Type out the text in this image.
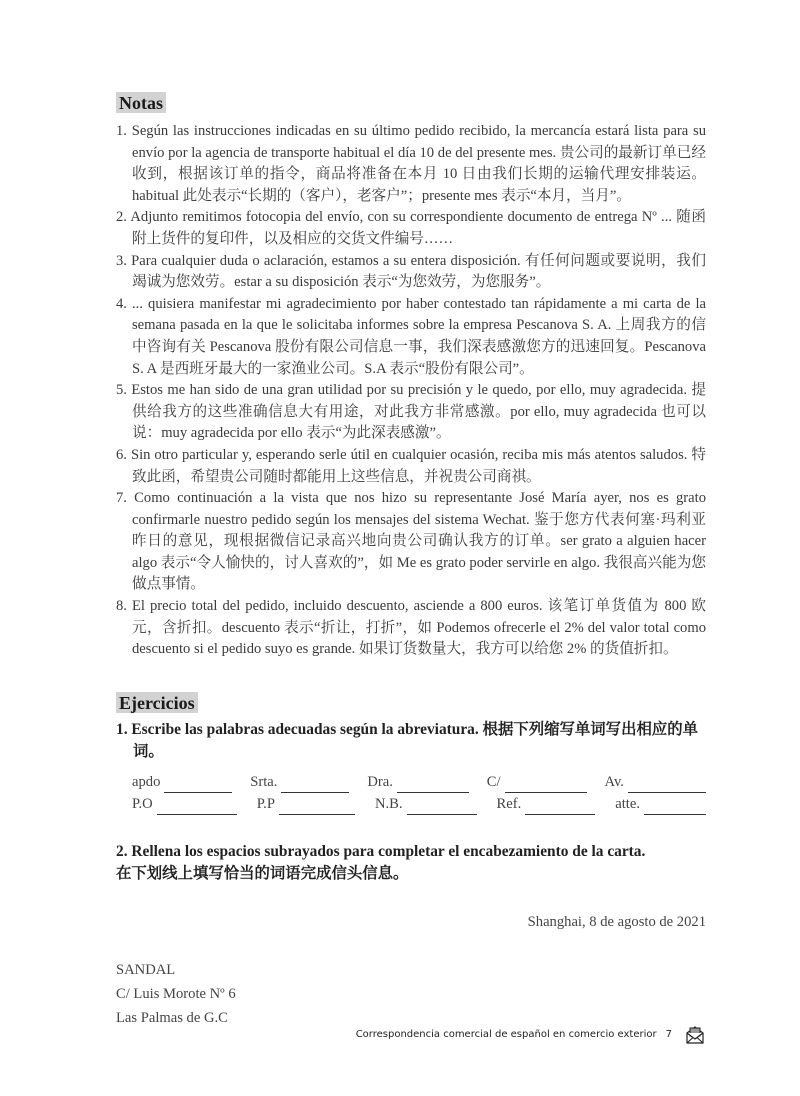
Notas
1. Según las instrucciones indicadas en su último pedido recibido, la mercancía estará lista para su envío por la agencia de transporte habitual el día 10 de del presente mes. 贵公司的最新订单已经收到，根据该订单的指令，商品将准备在本月 10 日由我们长期的运输代理安排装运。habitual 此处表示“长期的（客户），老客户”；presente mes 表示“本月，当月”。
2. Adjunto remitimos fotocopia del envío, con su correspondiente documento de entrega Nº ... 随函附上货件的复印件，以及相应的交货文件编号……
3. Para cualquier duda o aclaración, estamos a su entera disposición. 有任何问题或要说明，我们竭诚为您效劳。estar a su disposición 表示“为您效劳，为您服务”。
4. ... quisiera manifestar mi agradecimiento por haber contestado tan rápidamente a mi carta de la semana pasada en la que le solicitaba informes sobre la empresa Pescanova S. A. 上周我方的信中咨询有关 Pescanova 股份有限公司信息一事，我们深表感激您方的迅速回复。Pescanova S. A 是西班牙最大的一家渔业公司。S.A 表示“股份有限公司”。
5. Estos me han sido de una gran utilidad por su precisión y le quedo, por ello, muy agradecida. 提供给我方的这些准确信息大有用途，对此我方非常感激。por ello, muy agradecida 也可以说：muy agradecida por ello 表示“为此深表感激”。
6. Sin otro particular y, esperando serle útil en cualquier ocasión, reciba mis más atentos saludos. 特致此函，希望贵公司随时都能用上这些信息，并祝贵公司商祺。
7. Como continuación a la vista que nos hizo su representante José María ayer, nos es grato confirmarle nuestro pedido según los mensajes del sistema Wechat. 鉴于您方代表何塞·玛利亚昨日的意见，现根据微信记录高兴地向贵公司确认我方的订单。ser grato a alguien hacer algo 表示“令人愉快的，讨人喜欢的”，如 Me es grato poder servirle en algo. 我很高兴能为您做点事情。
8. El precio total del pedido, incluido descuento, asciende a 800 euros. 该笔订单货值为 800 欧元，含折扣。descuento 表示“折让，打折”，如 Podemos ofrecerle el 2% del valor total como descuento si el pedido suyo es grande. 如果订货数量大，我方可以给您 2% 的货值折扣。
Ejercicios
1. Escribe las palabras adecuadas según la abreviatura. 根据下列缩写单词写出相应的单词。
apdo	Srta.	Dra.	C/	Av.
P.O	P.P	N.B.	Ref.	atte.
2. Rellena los espacios subrayados para completar el encabezamiento de la carta.
在下划线上填写恰当的词语完成信头信息。
Shanghai, 8 de agosto de 2021
SANDAL
C/ Luis Morote Nº 6
Las Palmas de G.C
Correspondencia comercial de español en comercio exterior 7
